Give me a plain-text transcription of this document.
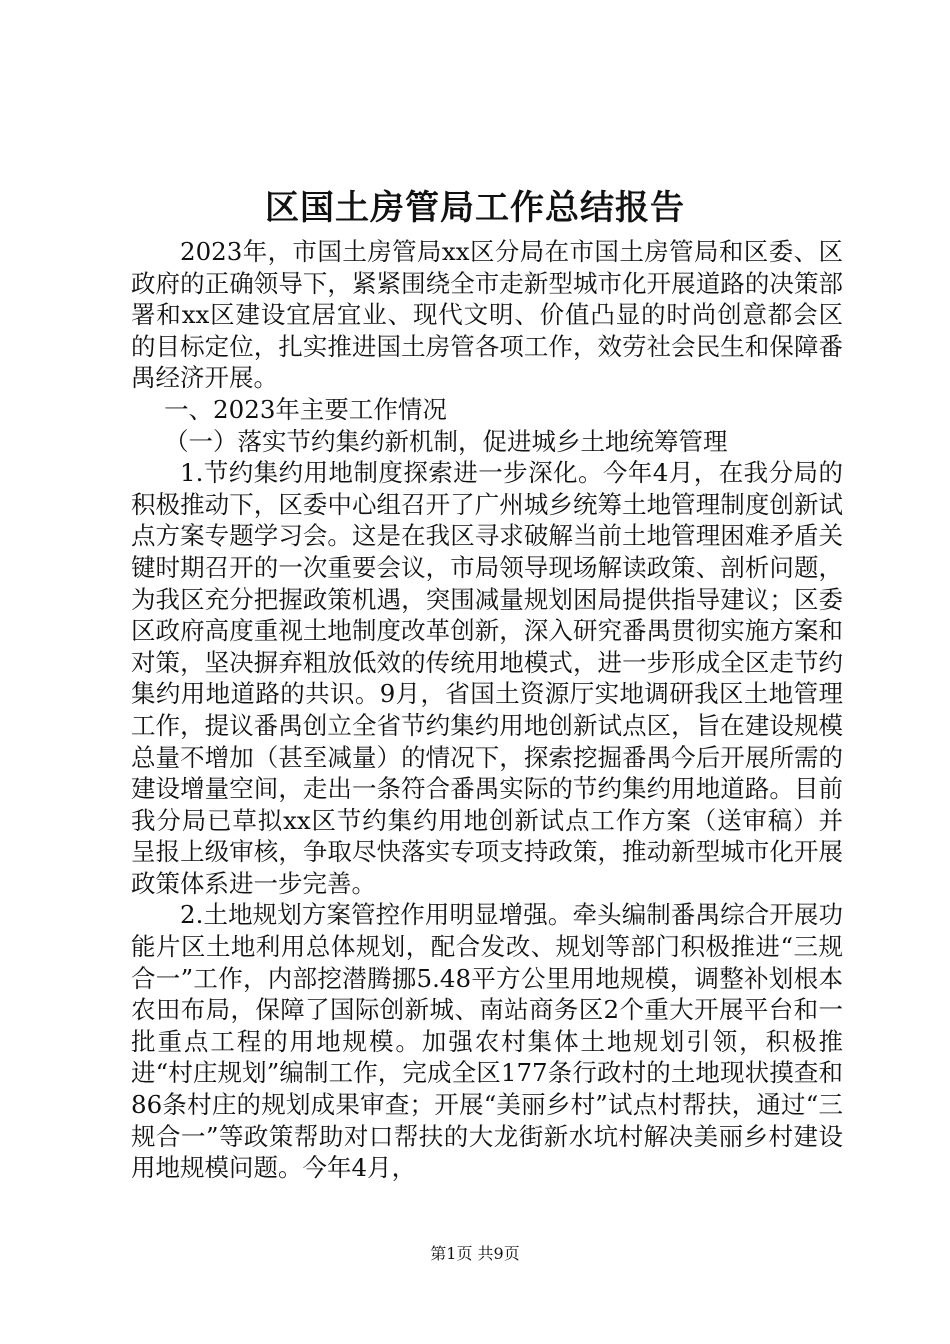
区国土房管局工作总结报告

2023年，市国土房管局xx区分局在市国土房管局和区委、区政府的正确领导下，紧紧围绕全市走新型城市化开展道路的决策部署和xx区建设宜居宜业、现代文明、价值凸显的时尚创意都会区的目标定位，扎实推进国土房管各项工作，效劳社会民生和保障番禺经济开展。

一、2023年主要工作情况

（一）落实节约集约新机制，促进城乡土地统筹管理

1.节约集约用地制度探索进一步深化。今年4月，在我分局的积极推动下，区委中心组召开了广州城乡统筹土地管理制度创新试点方案专题学习会。这是在我区寻求破解当前土地管理困难矛盾关键时期召开的一次重要会议，市局领导现场解读政策、剖析问题，为我区充分把握政策机遇，突围减量规划困局提供指导建议；区委区政府高度重视土地制度改革创新，深入研究番禺贯彻实施方案和对策，坚决摒弃粗放低效的传统用地模式，进一步形成全区走节约集约用地道路的共识。9月，省国土资源厅实地调研我区土地管理工作，提议番禺创立全省节约集约用地创新试点区，旨在建设规模总量不增加（甚至减量）的情况下，探索挖掘番禺今后开展所需的建设增量空间，走出一条符合番禺实际的节约集约用地道路。目前我分局已草拟xx区节约集约用地创新试点工作方案（送审稿）并呈报上级审核，争取尽快落实专项支持政策，推动新型城市化开展政策体系进一步完善。

2.土地规划方案管控作用明显增强。牵头编制番禺综合开展功能片区土地利用总体规划，配合发改、规划等部门积极推进“三规合一”工作，内部挖潜腾挪5.48平方公里用地规模，调整补划根本农田布局，保障了国际创新城、南站商务区2个重大开展平台和一批重点工程的用地规模。加强农村集体土地规划引领，积极推进“村庄规划”编制工作，完成全区177条行政村的土地现状摸查和86条村庄的规划成果审查；开展“美丽乡村”试点村帮扶，通过“三规合一”等政策帮助对口帮扶的大龙街新水坑村解决美丽乡村建设用地规模问题。今年4月，

第1页 共9页
